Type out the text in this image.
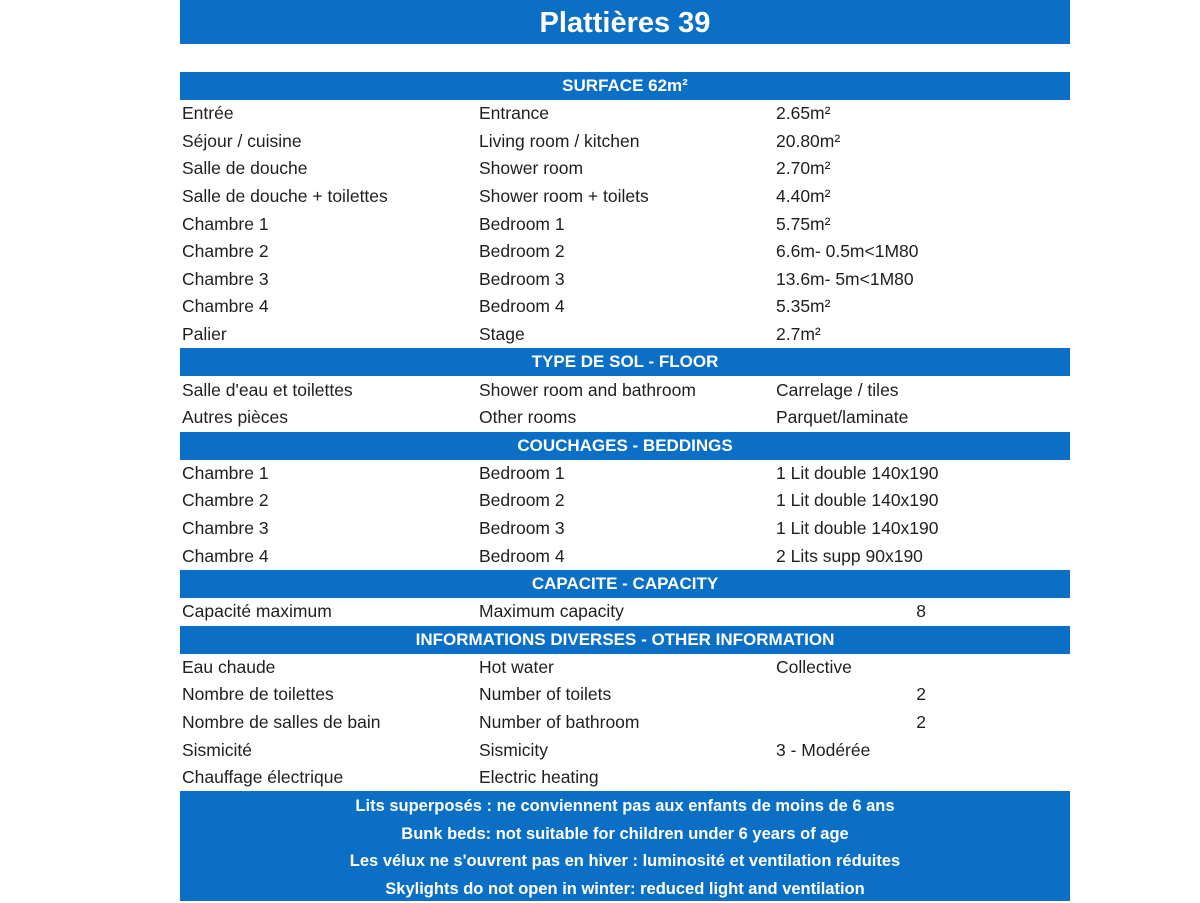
Plattières 39
SURFACE 62m²
Entrée	Entrance	2.65m²
Séjour / cuisine	Living room / kitchen	20.80m²
Salle de douche	Shower room	2.70m²
Salle de douche + toilettes	Shower room + toilets	4.40m²
Chambre 1	Bedroom 1	5.75m²
Chambre 2	Bedroom 2	6.6m- 0.5m<1M80
Chambre 3	Bedroom 3	13.6m- 5m<1M80
Chambre 4	Bedroom 4	5.35m²
Palier	Stage	2.7m²
TYPE DE SOL - FLOOR
Salle d'eau et toilettes	Shower room and bathroom	Carrelage / tiles
Autres pièces	Other rooms	Parquet/laminate
COUCHAGES - BEDDINGS
Chambre 1	Bedroom 1	1 Lit double 140x190
Chambre 2	Bedroom 2	1 Lit double 140x190
Chambre 3	Bedroom 3	1 Lit double 140x190
Chambre 4	Bedroom 4	2 Lits supp 90x190
CAPACITE - CAPACITY
Capacité maximum	Maximum capacity	8
INFORMATIONS DIVERSES - OTHER INFORMATION
Eau chaude	Hot water	Collective
Nombre de toilettes	Number of toilets	2
Nombre de salles de bain	Number of bathroom	2
Sismicité	Sismicity	3 - Modérée
Chauffage électrique	Electric heating
Lits superposés : ne conviennent pas aux enfants de moins de 6 ans
Bunk beds: not suitable for children under 6 years of age
Les vélux ne s'ouvrent pas en hiver : luminosité et ventilation réduites
Skylights do not open in winter: reduced light and ventilation
